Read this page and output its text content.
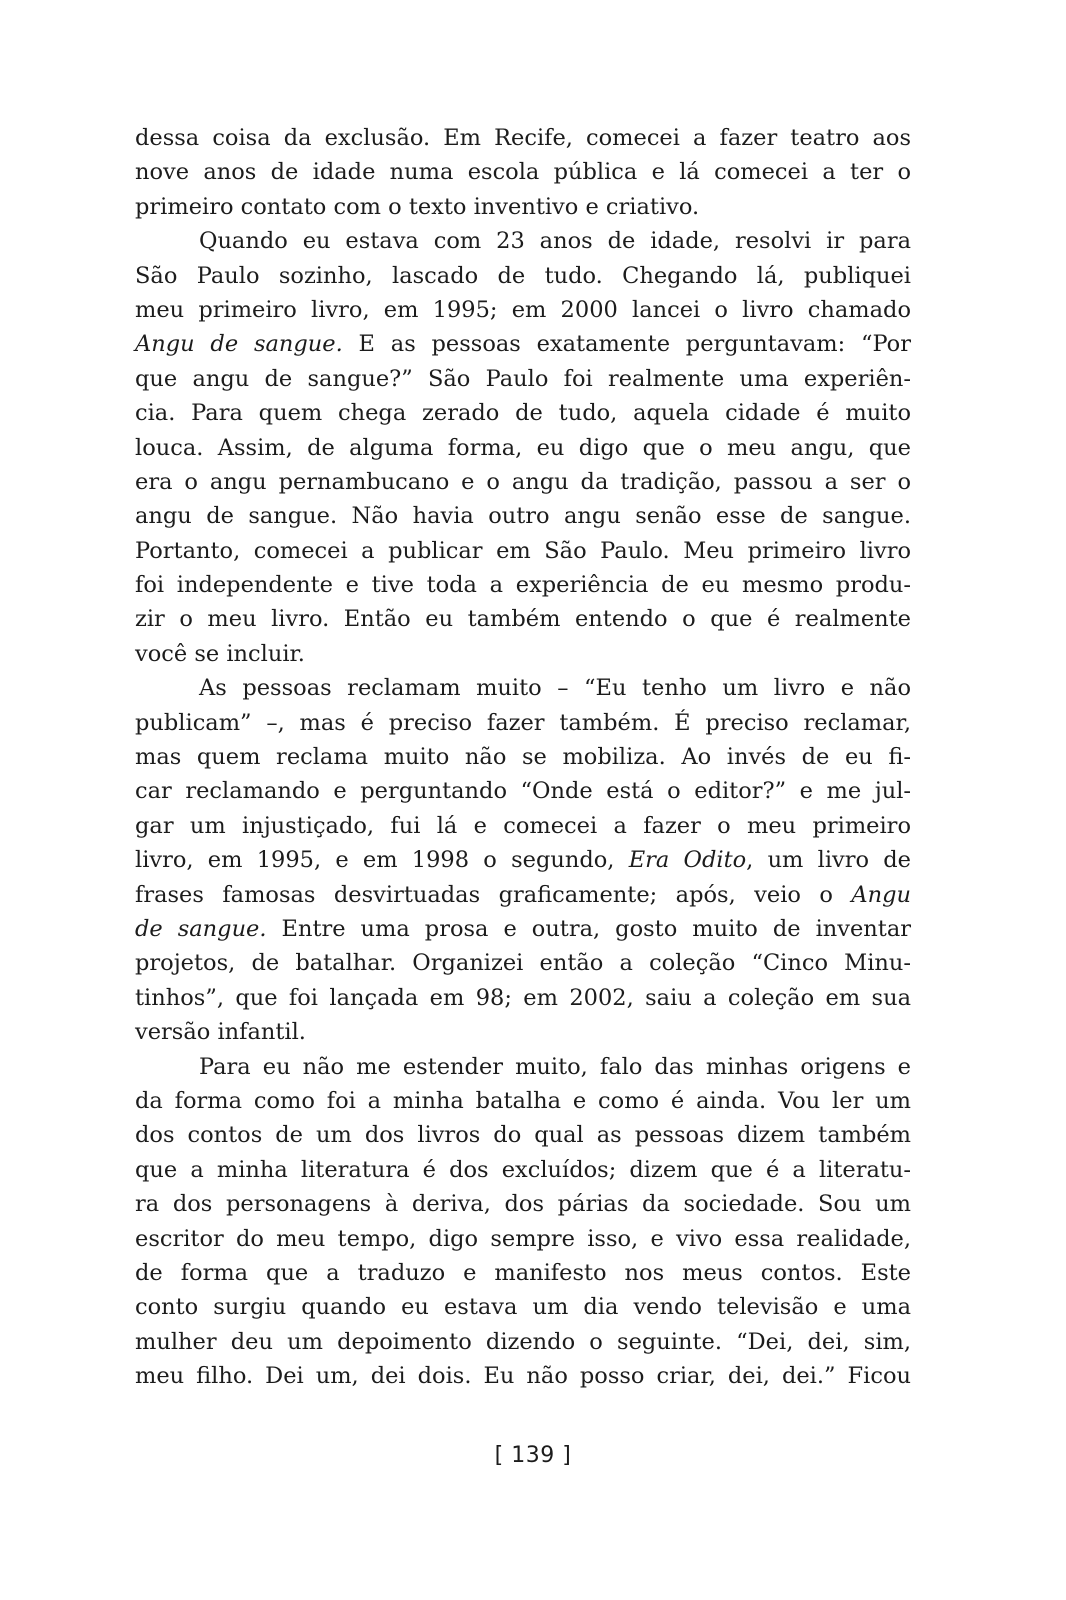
dessa coisa da exclusão. Em Recife, comecei a fazer teatro aos
nove anos de idade numa escola pública e lá comecei a ter o
primeiro contato com o texto inventivo e criativo.
Quando eu estava com 23 anos de idade, resolvi ir para
São Paulo sozinho, lascado de tudo. Chegando lá, publiquei
meu primeiro livro, em 1995; em 2000 lancei o livro chamado
Angu de sangue. E as pessoas exatamente perguntavam: “Por
que angu de sangue?” São Paulo foi realmente uma experiên-
cia. Para quem chega zerado de tudo, aquela cidade é muito
louca. Assim, de alguma forma, eu digo que o meu angu, que
era o angu pernambucano e o angu da tradição, passou a ser o
angu de sangue. Não havia outro angu senão esse de sangue.
Portanto, comecei a publicar em São Paulo. Meu primeiro livro
foi independente e tive toda a experiência de eu mesmo produ-
zir o meu livro. Então eu também entendo o que é realmente
você se incluir.
As pessoas reclamam muito – “Eu tenho um livro e não
publicam” –, mas é preciso fazer também. É preciso reclamar,
mas quem reclama muito não se mobiliza. Ao invés de eu fi-
car reclamando e perguntando “Onde está o editor?” e me jul-
gar um injustiçado, fui lá e comecei a fazer o meu primeiro
livro, em 1995, e em 1998 o segundo, Era Odito, um livro de
frases famosas desvirtuadas graficamente; após, veio o Angu
de sangue. Entre uma prosa e outra, gosto muito de inventar
projetos, de batalhar. Organizei então a coleção “Cinco Minu-
tinhos”, que foi lançada em 98; em 2002, saiu a coleção em sua
versão infantil.
Para eu não me estender muito, falo das minhas origens e
da forma como foi a minha batalha e como é ainda. Vou ler um
dos contos de um dos livros do qual as pessoas dizem também
que a minha literatura é dos excluídos; dizem que é a literatu-
ra dos personagens à deriva, dos párias da sociedade. Sou um
escritor do meu tempo, digo sempre isso, e vivo essa realidade,
de forma que a traduzo e manifesto nos meus contos. Este
conto surgiu quando eu estava um dia vendo televisão e uma
mulher deu um depoimento dizendo o seguinte. “Dei, dei, sim,
meu filho. Dei um, dei dois. Eu não posso criar, dei, dei.” Ficou
[ 139 ]
